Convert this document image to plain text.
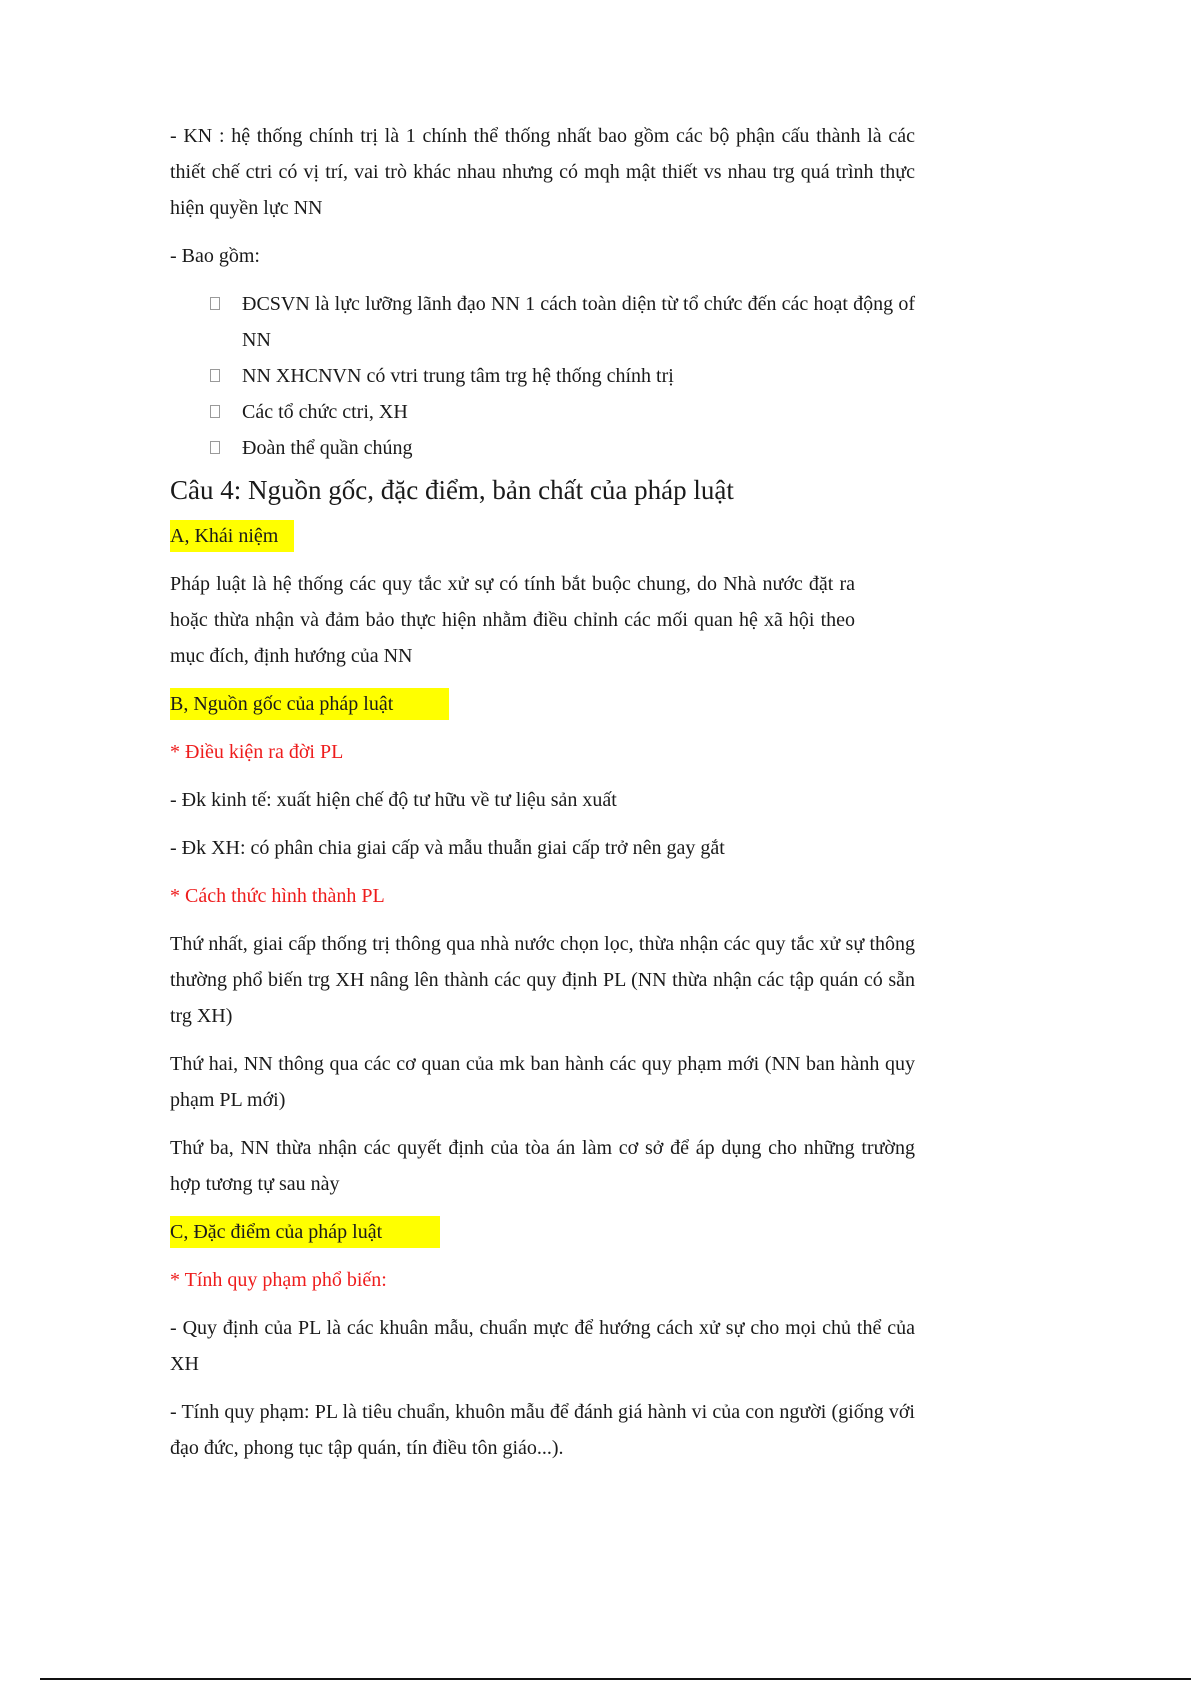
- KN : hệ thống chính trị là 1 chính thể thống nhất bao gồm các bộ phận cấu thành là các thiết chế ctri có vị trí, vai trò khác nhau nhưng có mqh mật thiết vs nhau trg quá trình thực hiện quyền lực NN

- Bao gồm:

ĐCSVN là lực lưỡng lãnh đạo NN 1 cách toàn diện từ tổ chức đến các hoạt động of NN
NN XHCNVN có vtri trung tâm trg hệ thống chính trị
Các tổ chức ctri, XH
Đoàn thể quần chúng
Câu 4: Nguồn gốc, đặc điểm, bản chất của pháp luật

A, Khái niệm

Pháp luật là hệ thống các quy tắc xử sự có tính bắt buộc chung, do Nhà nước đặt ra hoặc thừa nhận và đảm bảo thực hiện nhằm điều chỉnh các mối quan hệ xã hội theo mục đích, định hướng của NN

B, Nguồn gốc của pháp luật

* Điều kiện ra đời PL

- Đk kinh tế: xuất hiện chế độ tư hữu về tư liệu sản xuất

- Đk XH: có phân chia giai cấp và mẫu thuẫn giai cấp trở nên gay gắt

* Cách thức hình thành PL

Thứ nhất, giai cấp thống trị thông qua nhà nước chọn lọc, thừa nhận các quy tắc xử sự thông thường phổ biến trg XH nâng lên thành các quy định PL (NN thừa nhận các tập quán có sẵn trg XH)

Thứ hai, NN thông qua các cơ quan của mk ban hành các quy phạm mới (NN ban hành quy phạm PL mới)

Thứ ba, NN thừa nhận các quyết định của tòa án làm cơ sở để áp dụng cho những trường hợp tương tự sau này

C, Đặc điểm của pháp luật

* Tính quy phạm phổ biến:

- Quy định của PL là các khuân mẫu, chuẩn mực để hướng cách xử sự cho mọi chủ thể của XH

- Tính quy phạm: PL là tiêu chuẩn, khuôn mẫu để đánh giá hành vi của con người (giống với đạo đức, phong tục tập quán, tín điều tôn giáo...).
